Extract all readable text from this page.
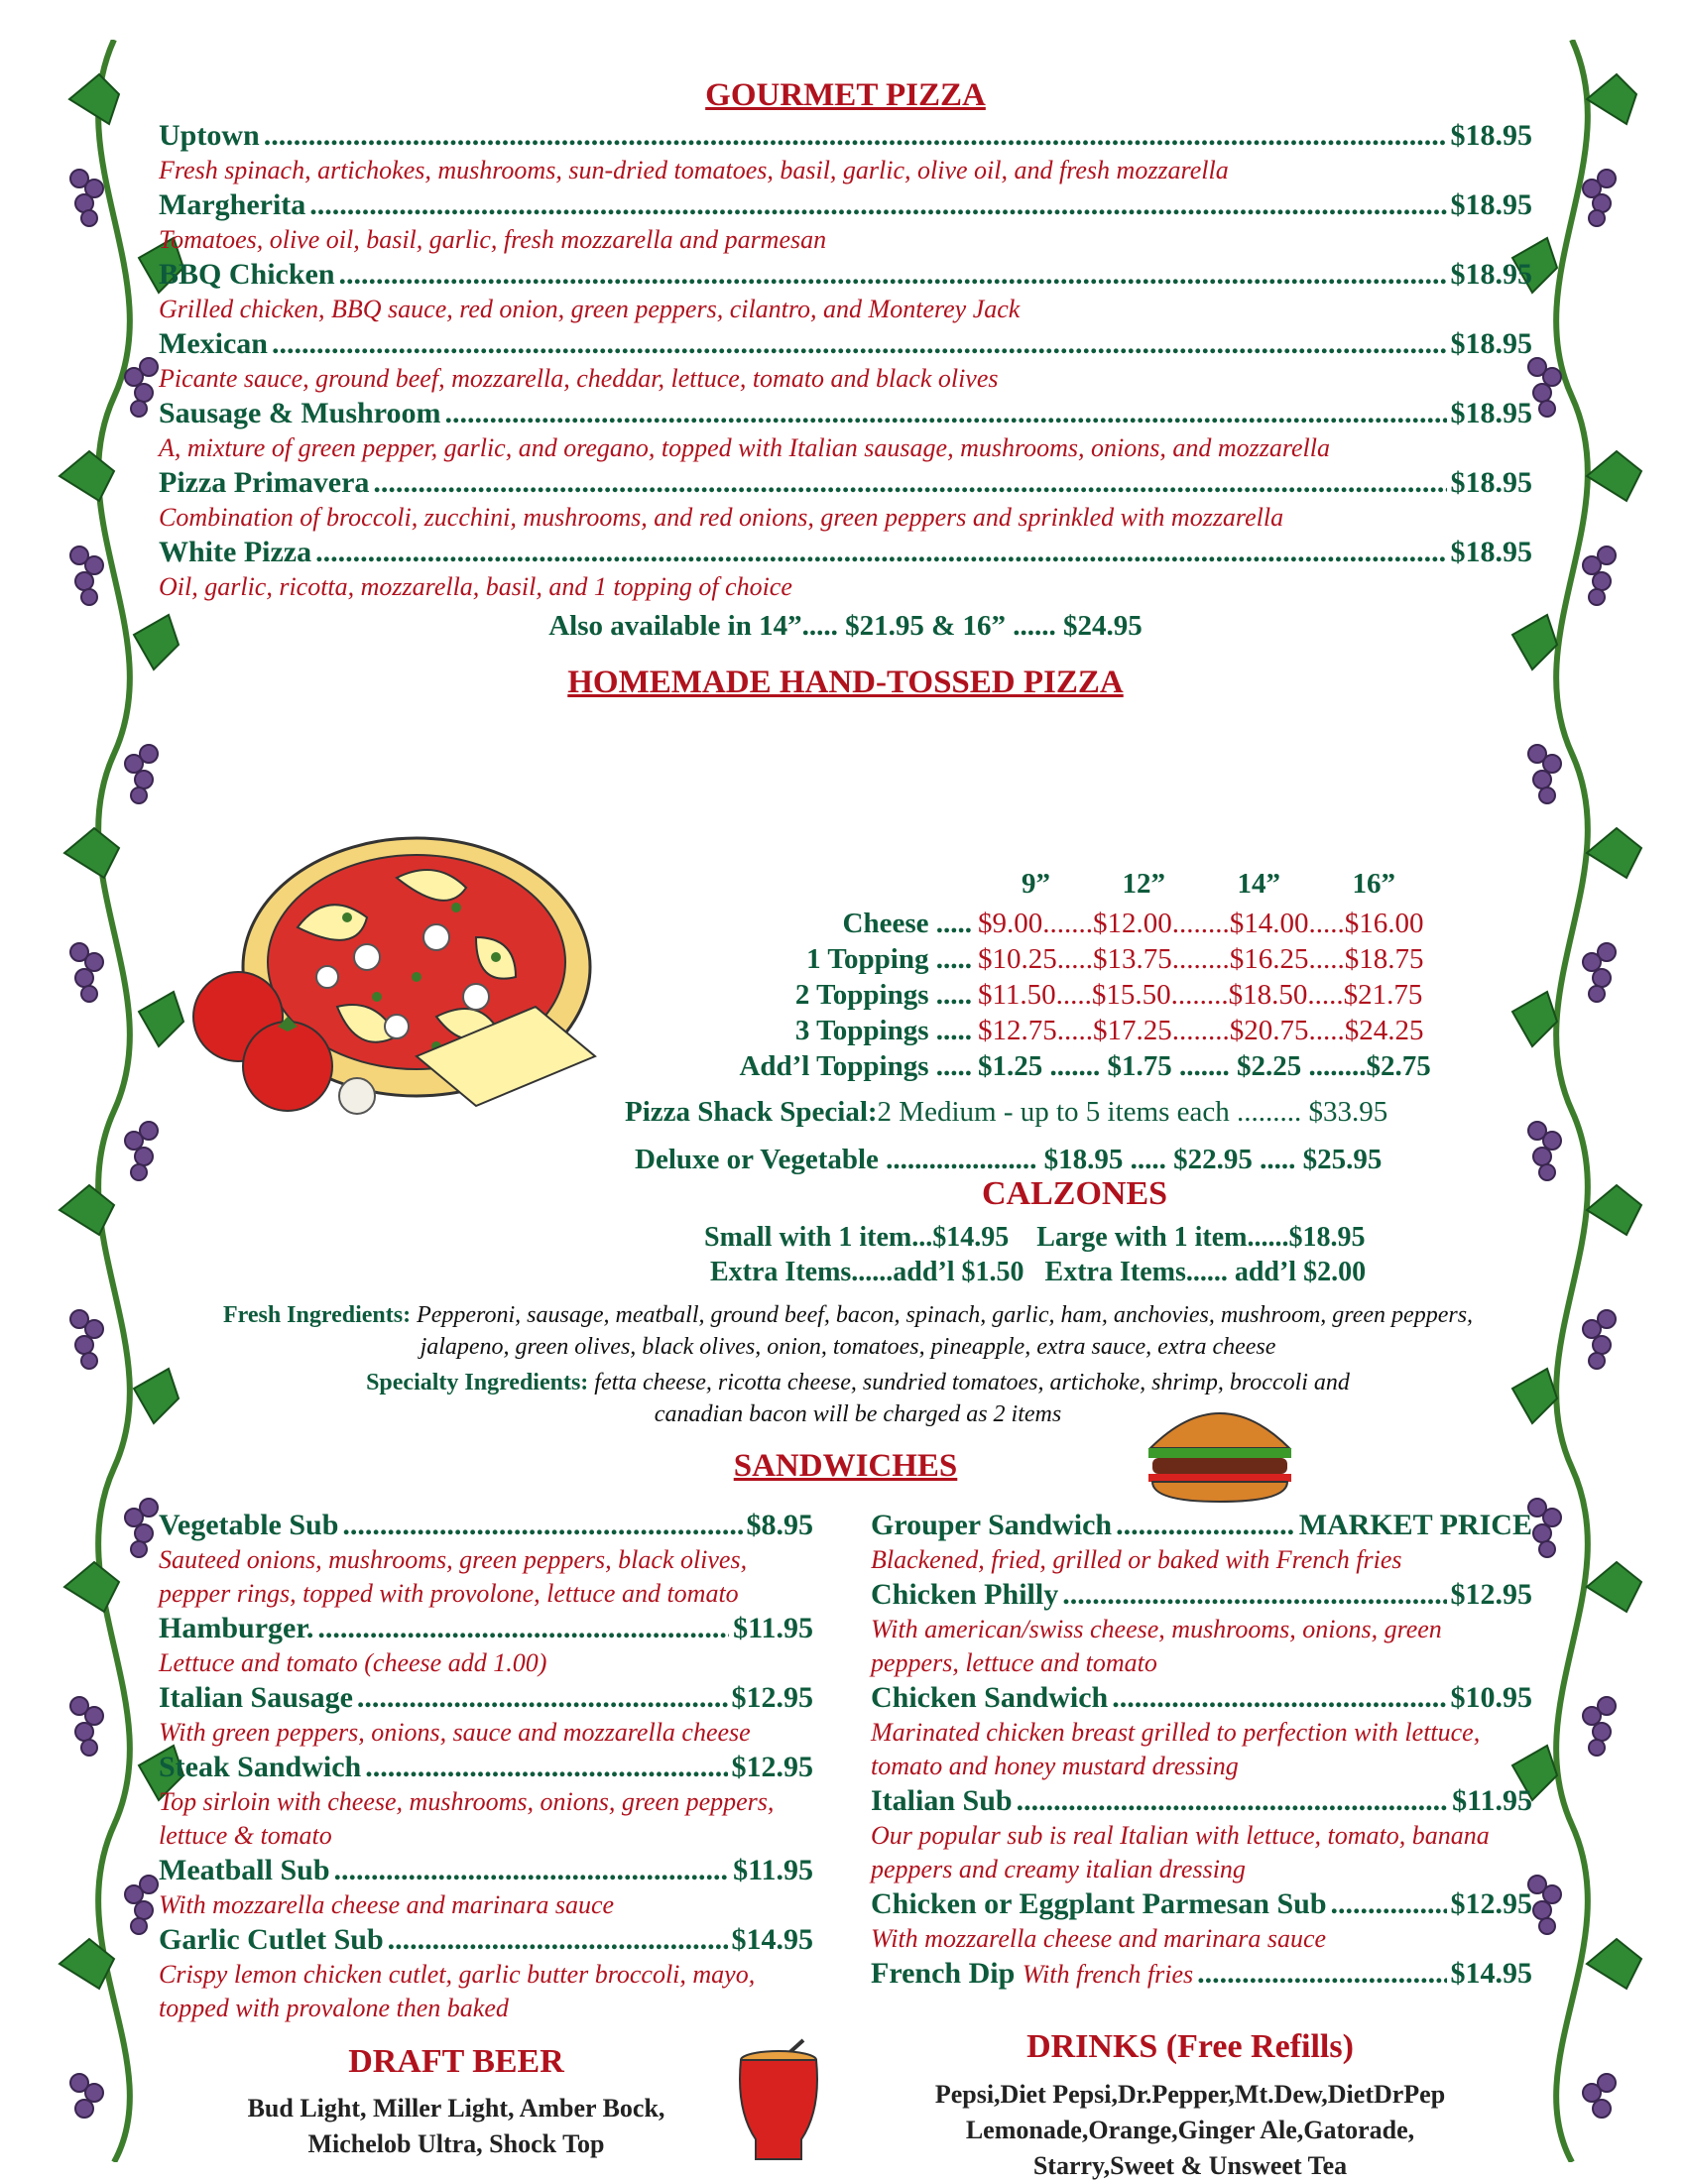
GOURMET PIZZA
Uptown .....	$18.95
Fresh spinach, artichokes, mushrooms, sun-dried tomatoes, basil, garlic, olive oil, and fresh mozzarella
Margherita .....	$18.95
Tomatoes, olive oil, basil, garlic, fresh mozzarella and parmesan
BBQ Chicken .....	$18.95
Grilled chicken, BBQ sauce, red onion, green peppers, cilantro, and Monterey Jack
Mexican .....	$18.95
Picante sauce, ground beef, mozzarella, cheddar, lettuce, tomato and black olives
Sausage & Mushroom .....	$18.95
A, mixture of green pepper, garlic, and oregano, topped with Italian sausage, mushrooms, onions, and mozzarella
Pizza Primavera .....	$18.95
Combination of broccoli, zucchini, mushrooms, and red onions, green peppers and sprinkled with mozzarella
White Pizza .....	$18.95
Oil, garlic, ricotta, mozzarella, basil, and 1 topping of choice
Also available in 14”..... $21.95 & 16” ...... $24.95
HOMEMADE HAND-TOSSED PIZZA
9”          12”          14”          16”
Cheese ..... $9.00.......$12.00........$14.00.....$16.00
1 Topping ..... $10.25.....$13.75........$16.25.....$18.75
2 Toppings ..... $11.50.....$15.50........$18.50.....$21.75
3 Toppings ..... $12.75.....$17.25........$20.75.....$24.25
Add’l Toppings ..... $1.25 ....... $1.75 ....... $2.25 ........$2.75
Pizza Shack Special:2 Medium - up to 5 items each ......... $33.95
Deluxe or Vegetable ..................... $18.95 ..... $22.95 ..... $25.95
CALZONES
Small with 1 item...$14.95    Large with 1 item......$18.95
Extra Items......add’l $1.50   Extra Items...... add’l $2.00
Fresh Ingredients: Pepperoni, sausage, meatball, ground beef, bacon, spinach, garlic, ham, anchovies, mushroom, green peppers, jalapeno, green olives, black olives, onion, tomatoes, pineapple, extra sauce, extra cheese
Specialty Ingredients: fetta cheese, ricotta cheese, sundried tomatoes, artichoke, shrimp, broccoli and canadian bacon will be charged as 2 items
SANDWICHES
Vegetable Sub .....	$8.95
Sauteed onions, mushrooms, green peppers, black olives, pepper rings, topped with provolone, lettuce and tomato
Hamburger. .....	$11.95
Lettuce and tomato (cheese add 1.00)
Italian Sausage .....	$12.95
With green peppers, onions, sauce and mozzarella cheese
Steak Sandwich .....	$12.95
Top sirloin with cheese, mushrooms, onions, green peppers, lettuce & tomato
Meatball Sub .....	$11.95
With mozzarella cheese and marinara sauce
Garlic Cutlet Sub .....	$14.95
Crispy lemon chicken cutlet, garlic butter broccoli, mayo, topped with provalone then baked
Grouper Sandwich .....	MARKET PRICE
Blackened, fried, grilled or baked with French fries
Chicken Philly .....	$12.95
With american/swiss cheese, mushrooms, onions, green peppers, lettuce and tomato
Chicken Sandwich .....	$10.95
Marinated chicken breast grilled to perfection with lettuce, tomato and honey mustard dressing
Italian Sub .....	$11.95
Our popular sub is real Italian with lettuce, tomato, banana peppers and creamy italian dressing
Chicken or Eggplant Parmesan Sub .....	$12.95
With mozzarella cheese and marinara sauce
French Dip
With french fries .....	$14.95
DRAFT BEER
Bud Light, Miller Light, Amber Bock,
Michelob Ultra, Shock Top
DRINKS (Free Refills)
Pepsi,Diet Pepsi,Dr.Pepper,Mt.Dew,DietDrPep
Lemonade,Orange,Ginger Ale,Gatorade,
Starry,Sweet & Unsweet Tea
